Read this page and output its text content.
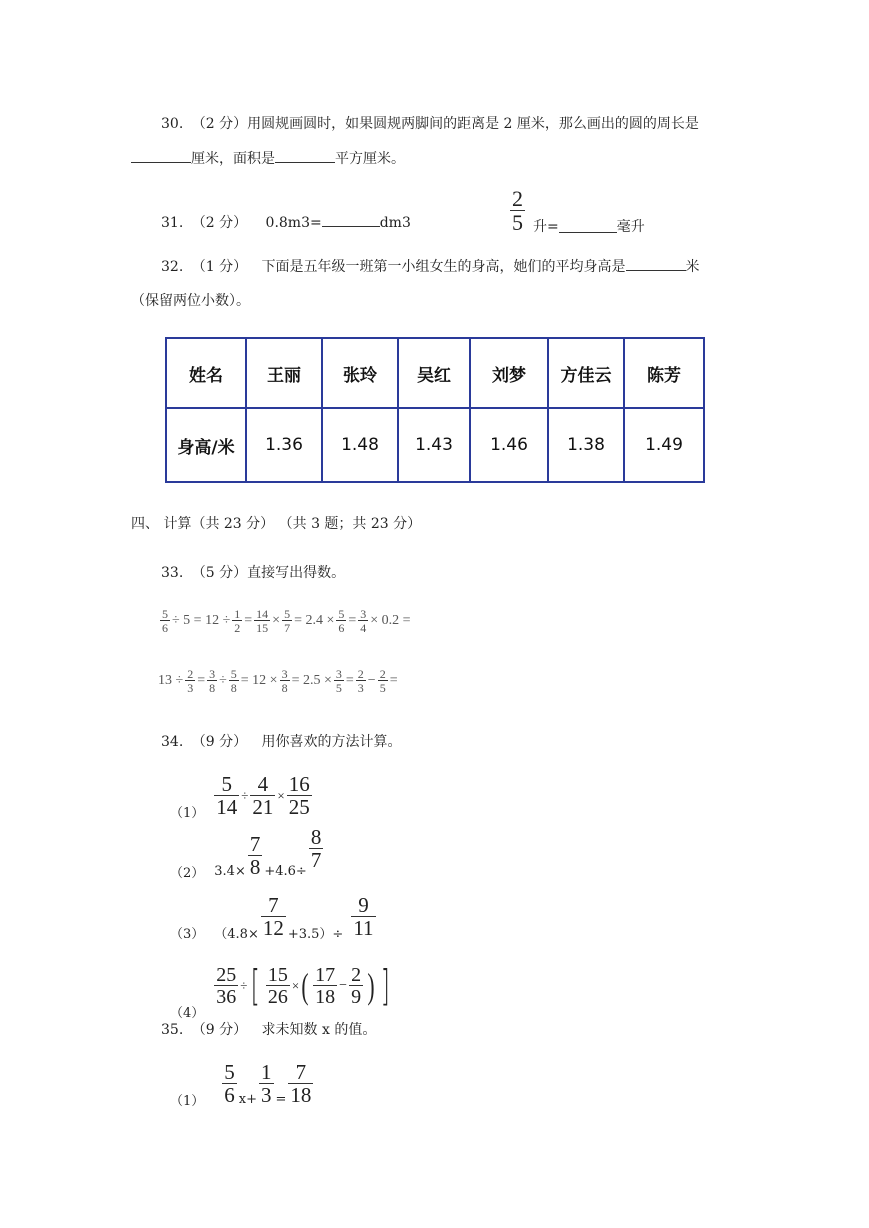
30. （2 分）用圆规画圆时，如果圆规两脚间的距离是 2 厘米，那么画出的圆的周长是
厘米，面积是	平方厘米。
31. （2 分） 0.8m3=	dm3	$\frac{2}{5}$ 升=	毫升
32. （1 分） 下面是五年级一班第一小组女生的身高，她们的平均身高是	米
（保留两位小数）。
姓名	王丽	张玲	吴红	刘梦	方佳云	陈芳
身高/米	1.36	1.48	1.43	1.46	1.38	1.49
四、 计算（共 23 分） （共 3 题；共 23 分）
33. （5 分）直接写出得数。
$\frac{5}{6} \div 5 = 12 \div \frac{1}{2} = \frac{14}{15} \times \frac{5}{7} = 2.4 \times \frac{5}{6} = \frac{3}{4} \times 0.2$ =
$13 \div \frac{2}{3} = \frac{3}{8} \div \frac{5}{8} = 12 \times \frac{3}{8} = 2.5 \times \frac{3}{5} = \frac{2}{3} - \frac{2}{5}$ =
34. （9 分） 用你喜欢的方法计算。
$(1) \frac{5}{14} \div \frac{4}{21} \times \frac{16}{25}$
（2） $3.4\times \frac{7}{8} +4.6\div$
$\frac{8}{7}$
（3） $(4.8\times \frac{7}{12} +3.5)\div \frac{9}{11}$
（4）
$\frac{25}{36}$ ÷ [ $\frac{15}{26}$ × ( $\frac{17}{18} - \frac{2}{9}$ ) ]
35. （9 分） 求未知数 x 的值。
$(1) \frac{5}{6} x+ \frac{1}{3} = \frac{7}{18}$
